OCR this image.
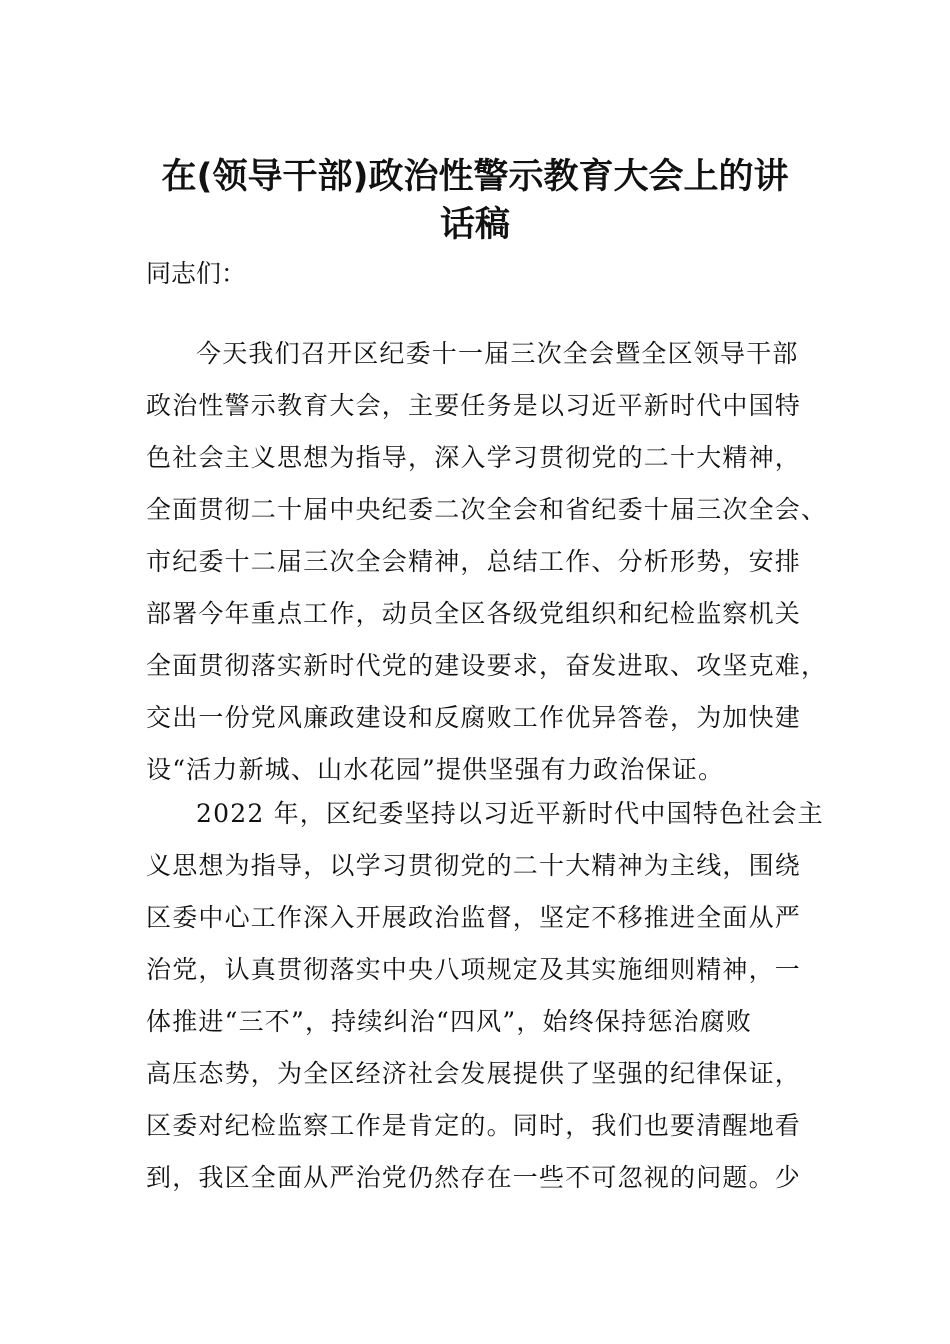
在(领导干部)政治性警示教育大会上的讲
话稿
同志们：
今天我们召开区纪委十一届三次全会暨全区领导干部
政治性警示教育大会，主要任务是以习近平新时代中国特
色社会主义思想为指导，深入学习贯彻党的二十大精神，
全面贯彻二十届中央纪委二次全会和省纪委十届三次全会、
市纪委十二届三次全会精神，总结工作、分析形势，安排
部署今年重点工作，动员全区各级党组织和纪检监察机关
全面贯彻落实新时代党的建设要求，奋发进取、攻坚克难，
交出一份党风廉政建设和反腐败工作优异答卷，为加快建
设“活力新城、山水花园”提供坚强有力政治保证。
2022 年，区纪委坚持以习近平新时代中国特色社会主
义思想为指导，以学习贯彻党的二十大精神为主线，围绕
区委中心工作深入开展政治监督，坚定不移推进全面从严
治党，认真贯彻落实中央八项规定及其实施细则精神，一
体推进“三不”，持续纠治“四风”，始终保持惩治腐败
高压态势，为全区经济社会发展提供了坚强的纪律保证，
区委对纪检监察工作是肯定的。同时，我们也要清醒地看
到，我区全面从严治党仍然存在一些不可忽视的问题。少
